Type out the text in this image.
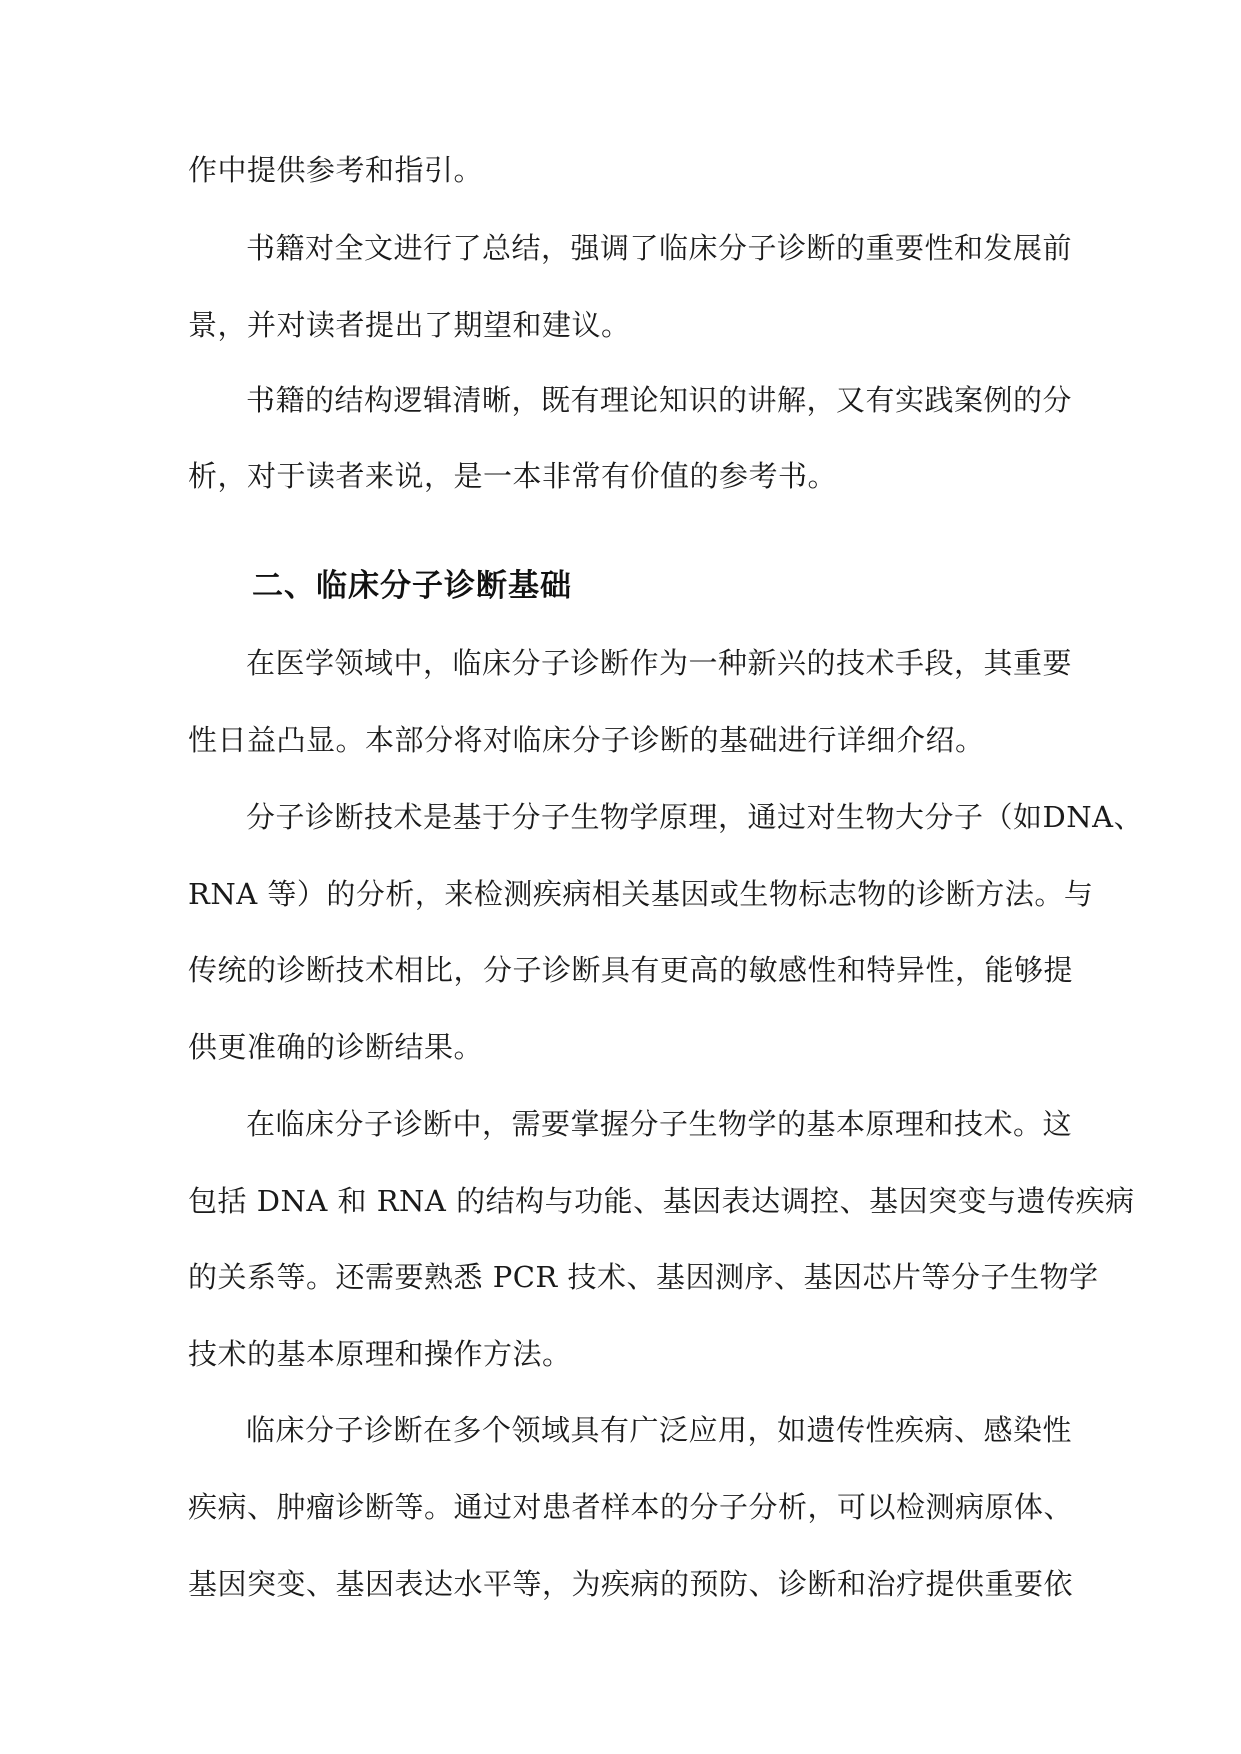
作中提供参考和指引。
书籍对全文进行了总结，强调了临床分子诊断的重要性和发展前
景，并对读者提出了期望和建议。
书籍的结构逻辑清晰，既有理论知识的讲解，又有实践案例的分
析，对于读者来说，是一本非常有价值的参考书。
二、临床分子诊断基础
在医学领域中，临床分子诊断作为一种新兴的技术手段，其重要
性日益凸显。本部分将对临床分子诊断的基础进行详细介绍。
分子诊断技术是基于分子生物学原理，通过对生物大分子（如DNA、
RNA 等）的分析，来检测疾病相关基因或生物标志物的诊断方法。与
传统的诊断技术相比，分子诊断具有更高的敏感性和特异性，能够提
供更准确的诊断结果。
在临床分子诊断中，需要掌握分子生物学的基本原理和技术。这
包括 DNA 和 RNA 的结构与功能、基因表达调控、基因突变与遗传疾病
的关系等。还需要熟悉 PCR 技术、基因测序、基因芯片等分子生物学
技术的基本原理和操作方法。
临床分子诊断在多个领域具有广泛应用，如遗传性疾病、感染性
疾病、肿瘤诊断等。通过对患者样本的分子分析，可以检测病原体、
基因突变、基因表达水平等，为疾病的预防、诊断和治疗提供重要依
